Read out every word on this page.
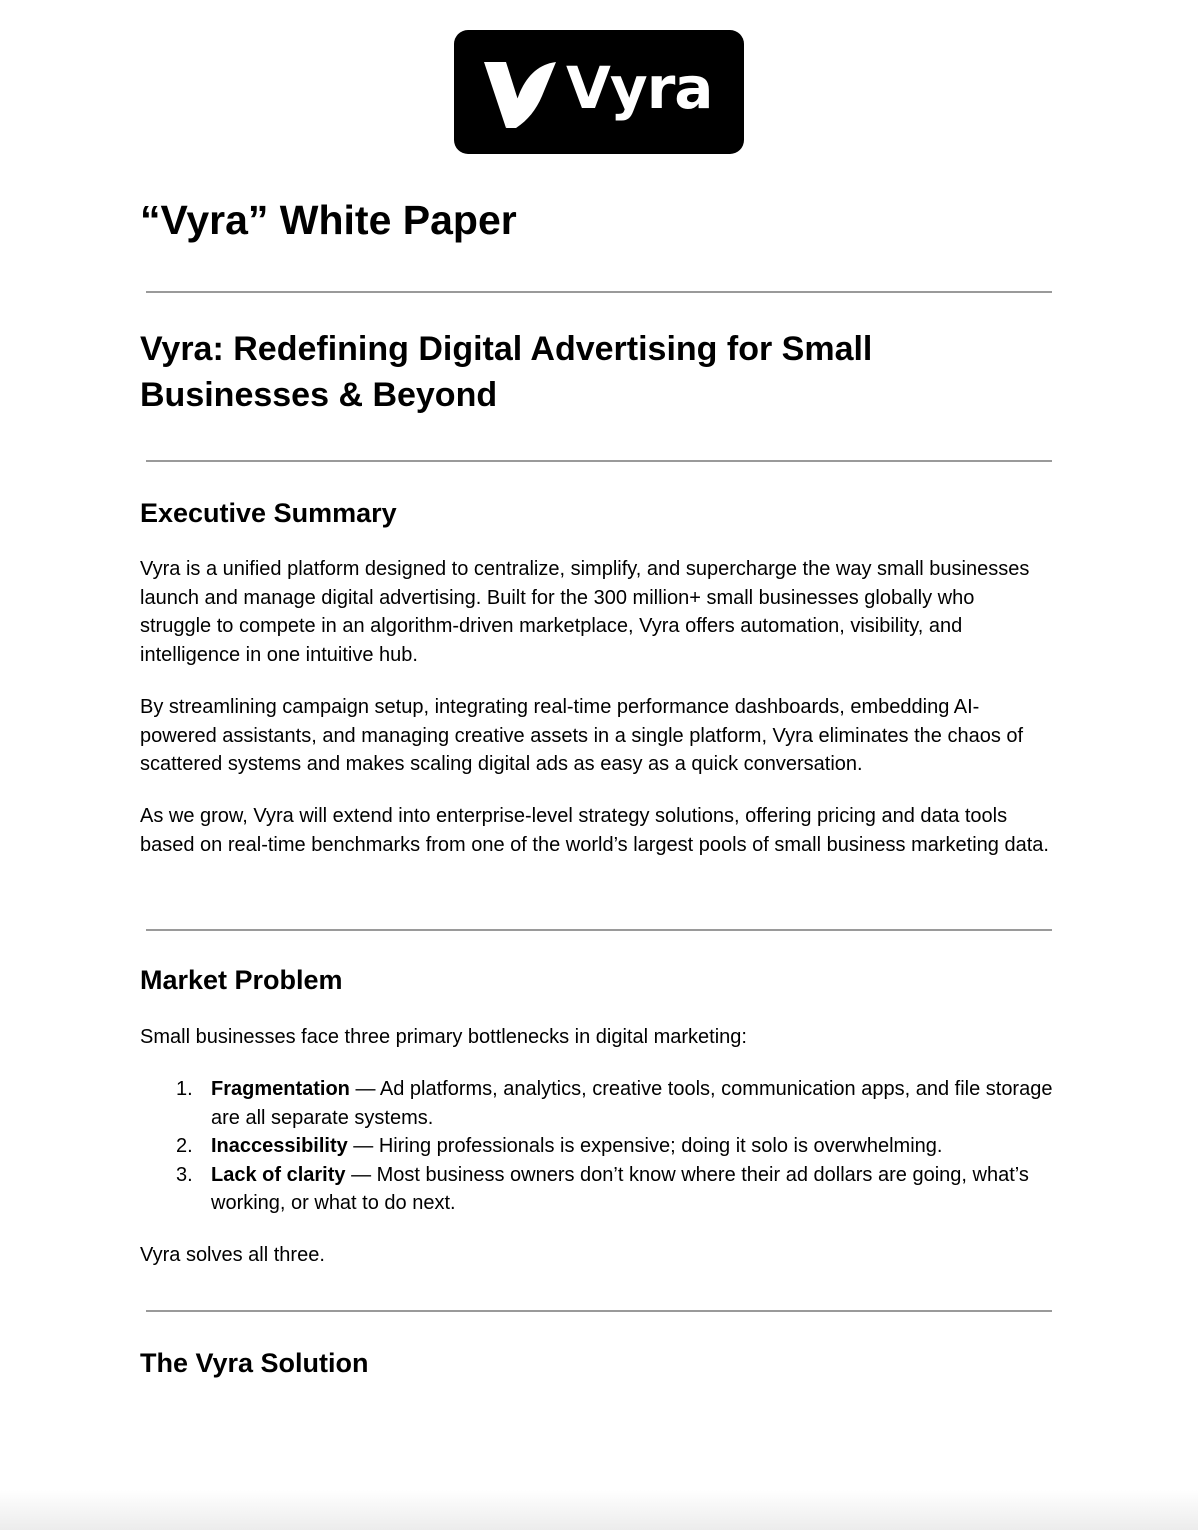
Vyra
“Vyra” White Paper
Vyra: Redefining Digital Advertising for Small Businesses & Beyond
Executive Summary

Vyra is a unified platform designed to centralize, simplify, and supercharge the way small businesses launch and manage digital advertising. Built for the 300 million+ small businesses globally who struggle to compete in an algorithm-driven marketplace, Vyra offers automation, visibility, and intelligence in one intuitive hub.

By streamlining campaign setup, integrating real-time performance dashboards, embedding AI-powered assistants, and managing creative assets in a single platform, Vyra eliminates the chaos of scattered systems and makes scaling digital ads as easy as a quick conversation.

As we grow, Vyra will extend into enterprise-level strategy solutions, offering pricing and data tools based on real-time benchmarks from one of the world’s largest pools of small business marketing data.

Market Problem

Small businesses face three primary bottlenecks in digital marketing:

1. Fragmentation — Ad platforms, analytics, creative tools, communication apps, and file storage are all separate systems.
2. Inaccessibility — Hiring professionals is expensive; doing it solo is overwhelming.
3. Lack of clarity — Most business owners don’t know where their ad dollars are going, what’s working, or what to do next.

Vyra solves all three.

The Vyra Solution
